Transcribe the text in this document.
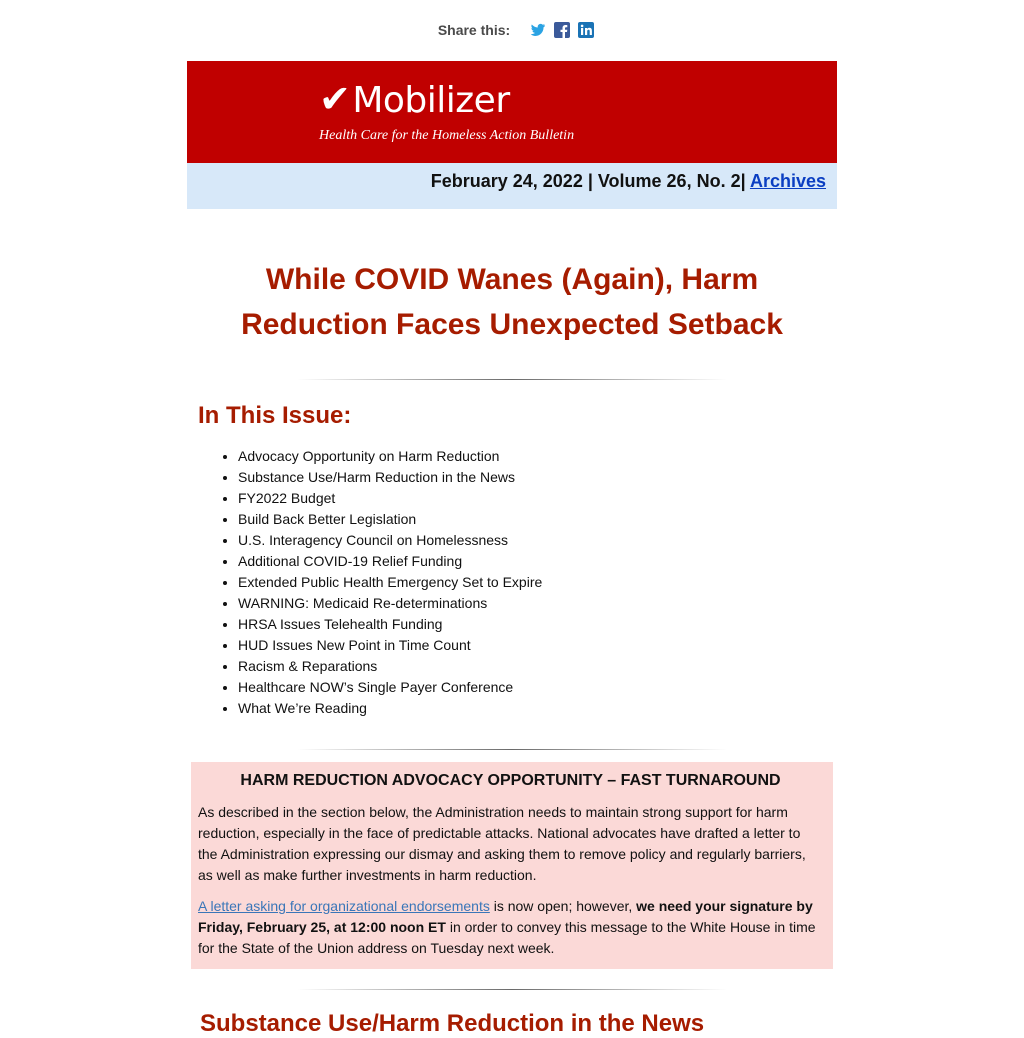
Share this:
✔Mobilizer
Health Care for the Homeless Action Bulletin
February 24, 2022 | Volume 26, No. 2| Archives
While COVID Wanes (Again), Harm
Reduction Faces Unexpected Setback
In This Issue:
• Advocacy Opportunity on Harm Reduction
• Substance Use/Harm Reduction in the News
• FY2022 Budget
• Build Back Better Legislation
• U.S. Interagency Council on Homelessness
• Additional COVID-19 Relief Funding
• Extended Public Health Emergency Set to Expire
• WARNING: Medicaid Re-determinations
• HRSA Issues Telehealth Funding
• HUD Issues New Point in Time Count
• Racism & Reparations
• Healthcare NOW’s Single Payer Conference
• What We’re Reading
HARM REDUCTION ADVOCACY OPPORTUNITY – FAST TURNAROUND

As described in the section below, the Administration needs to maintain strong support for harm reduction, especially in the face of predictable attacks. National advocates have drafted a letter to the Administration expressing our dismay and asking them to remove policy and regularly barriers, as well as make further investments in harm reduction.

A letter asking for organizational endorsements is now open; however, we need your signature by Friday, February 25, at 12:00 noon ET in order to convey this message to the White House in time for the State of the Union address on Tuesday next week.

Substance Use/Harm Reduction in the News
